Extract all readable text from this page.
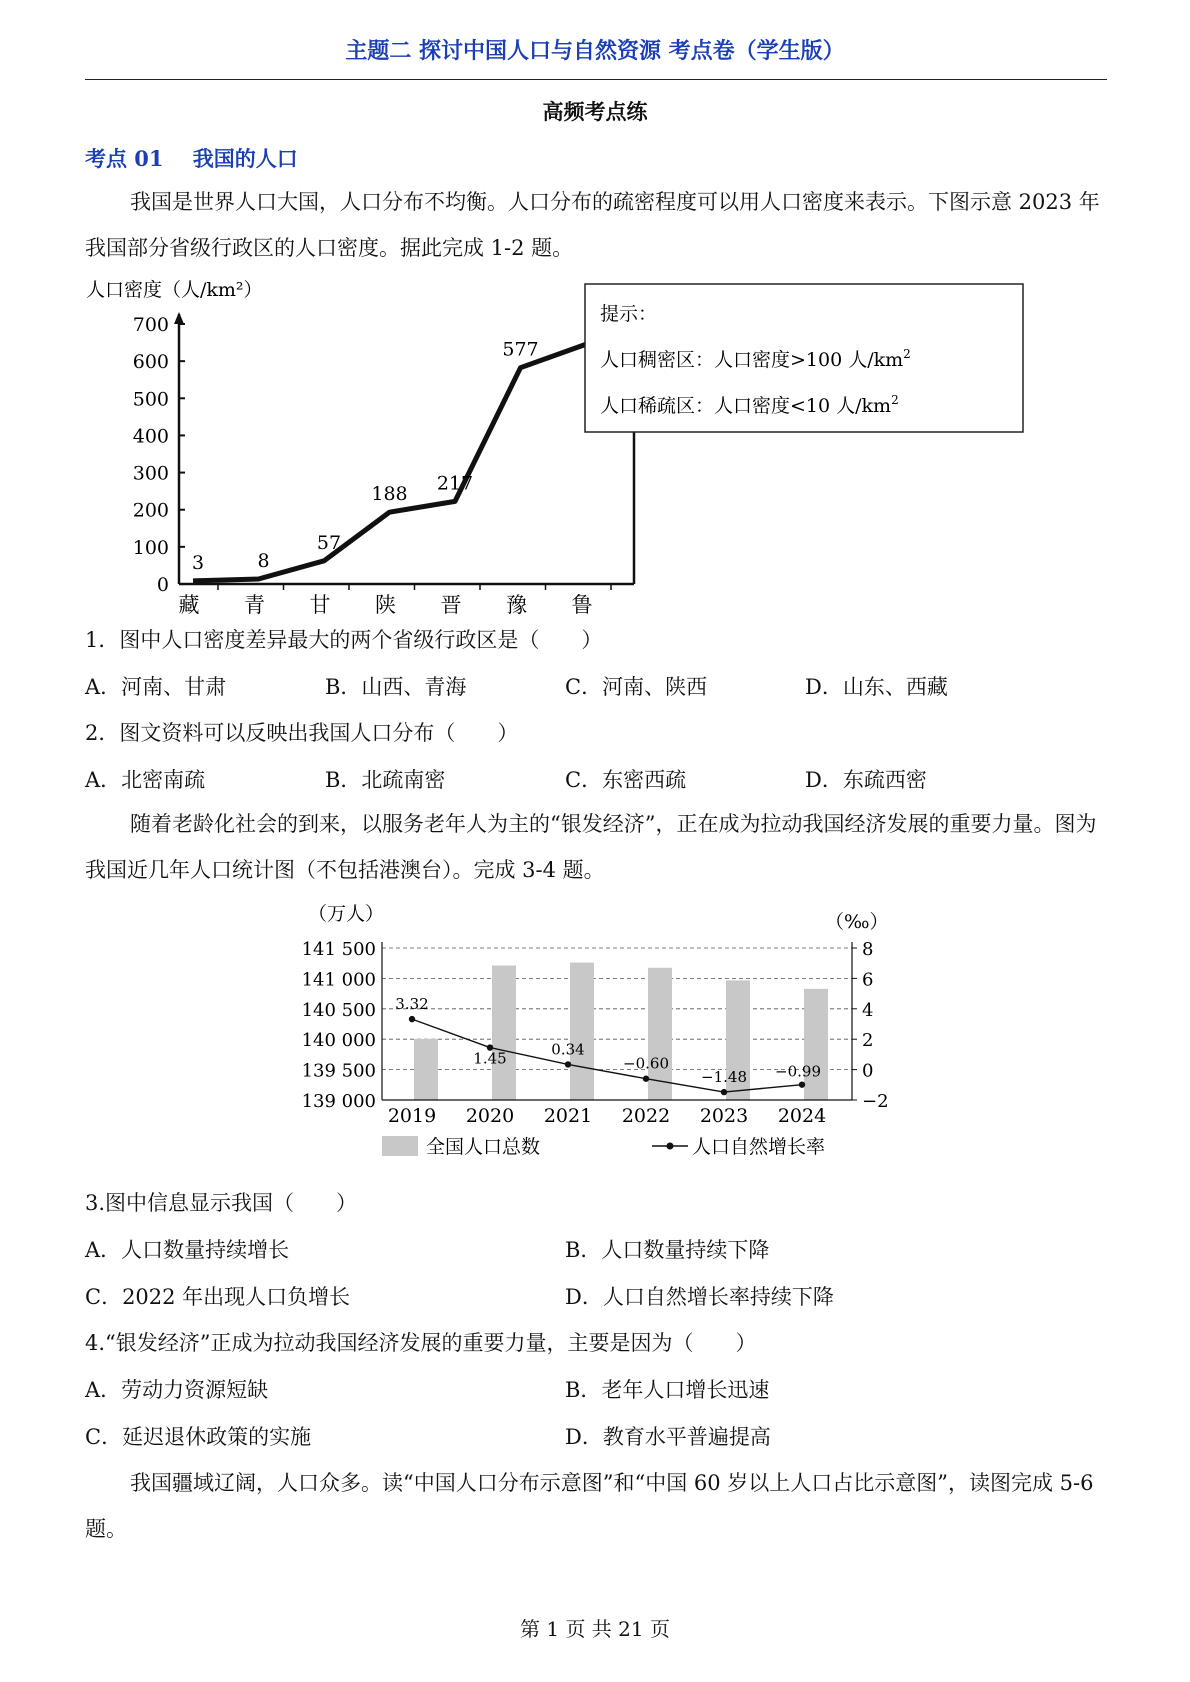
主题二 探讨中国人口与自然资源 考点卷（学生版）
高频考点练
考点 01 我国的人口
我国是世界人口大国，人口分布不均衡。人口分布的疏密程度可以用人口密度来表示。下图示意 2023 年我国部分省级行政区的人口密度。据此完成 1-2 题。
人口密度（人/km²）
0
100
200
300
400
500
600
700
3	8
57
188 217
577
藏 青 甘 陕 晋 豫 鲁
提示：
人口稠密区：人口密度>100 人$/km^2$
人口稀疏区：人口密度<10 人$/km^2$
1．图中人口密度差异最大的两个省级行政区是（　　）
A．河南、甘肃	B．山西、青海	C．河南、陕西	D．山东、西藏
2．图文资料可以反映出我国人口分布（　　）
A．北密南疏	B．北疏南密	C．东密西疏	D．东疏西密
随着老龄化社会的到来，以服务老年人为主的“银发经济”，正在成为拉动我国经济发展的重要力量。图为我国近几年人口统计图（不包括港澳台）。完成 3-4 题。
（万人）	（‰）
141 500
141 000
140 500
140 000
139 500
139 000
8
6
4
2
0
−2
3.32
1.45
0.34
−0.60
−1.48 −0.99
2019 2020 2021 2022 2023 2024
全国人口总数	人口自然增长率
3.图中信息显示我国（　　）
A．人口数量持续增长	B．人口数量持续下降
C．2022 年出现人口负增长	D．人口自然增长率持续下降
4.“银发经济”正成为拉动我国经济发展的重要力量，主要是因为（　　）
A．劳动力资源短缺	B．老年人口增长迅速
C．延迟退休政策的实施	D．教育水平普遍提高
我国疆域辽阔，人口众多。读“中国人口分布示意图”和“中国 60 岁以上人口占比示意图”，读图完成 5-6 题。
第 1 页 共 21 页
